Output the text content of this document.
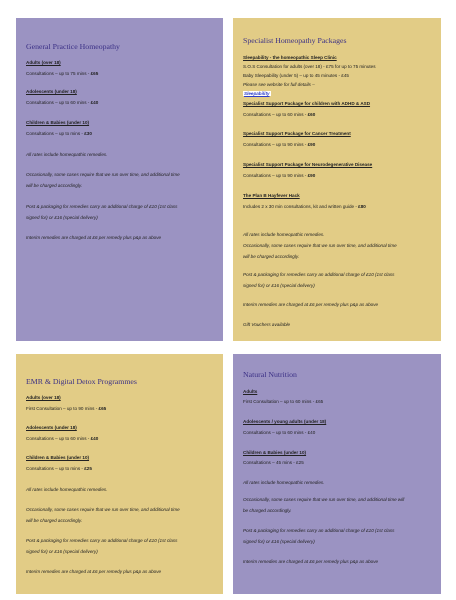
General Practice Homeopathy
Adults (over 18)
Consultations – up to 75 mins - £65
Adolescents (under 18)
Consultations – up to 60 mins - £40
Children & Babies (under 10)
Consultations – up to mins - £30
All rates include homeopathic remedies.
Occasionally, some cases require that we run over time, and additional time
will be charged accordingly.
Post & packaging for remedies carry an additional charge of £10 (1st class
signed for) or £16 (special delivery)
Interim remedies are charged at £6 per remedy plus p&p as above
Specialist Homeopathy Packages
Sleepability - the homeopathic Sleep Clinic
S.O.S Consultation for adults (over 18) - £75 for up to 75 minutes
Baby Sleepability (under 5) – up to 45 minutes - £45
Please see website for full details –
Sleepability
Specialist Support Package for children with ADHD & ASD
Consultations – up to 60 mins - £60
Specialist Support Package for Cancer Treatment
Consultations – up to 90 mins - £90
Specialist Support Package for Neurodegenerative Disease
Consultations – up to 90 mins - £90
The Plan B Hayfever Hack
Includes 2 x 30 min consultations, kit and written guide - £80
All rates include homeopathic remedies.
Occasionally, some cases require that we run over time, and additional time
will be charged accordingly.
Post & packaging for remedies carry an additional charge of £10 (1st class
signed for) or £16 (special delivery)
Interim remedies are charged at £6 per remedy plus p&p as above
Gift Vouchers available
EMR & Digital Detox Programmes
Adults (over 18)
First Consultation – up to 90 mins - £65
Adolescents (under 18)
Consultations – up to 60 mins - £40
Children & Babies (under 10)
Consultations – up to mins - £25
All rates include homeopathic remedies.
Occasionally, some cases require that we run over time, and additional time
will be charged accordingly.
Post & packaging for remedies carry an additional charge of £10 (1st class
signed for) or £16 (special delivery)
Interim remedies are charged at £6 per remedy plus p&p as above
Natural Nutrition
Adults
First Consultation – up to 60 mins - £65
Adolescents / young adults (under 18)
Consultations – up to 60 mins - £40
Children & Babies (under 10)
Consultations – 45 mins - £25
All rates include homeopathic remedies.
Occasionally, some cases require that we run over time, and additional time will
be charged accordingly.
Post & packaging for remedies carry an additional charge of £10 (1st class
signed for) or £16 (special delivery)
Interim remedies are charged at £6 per remedy plus p&p as above
